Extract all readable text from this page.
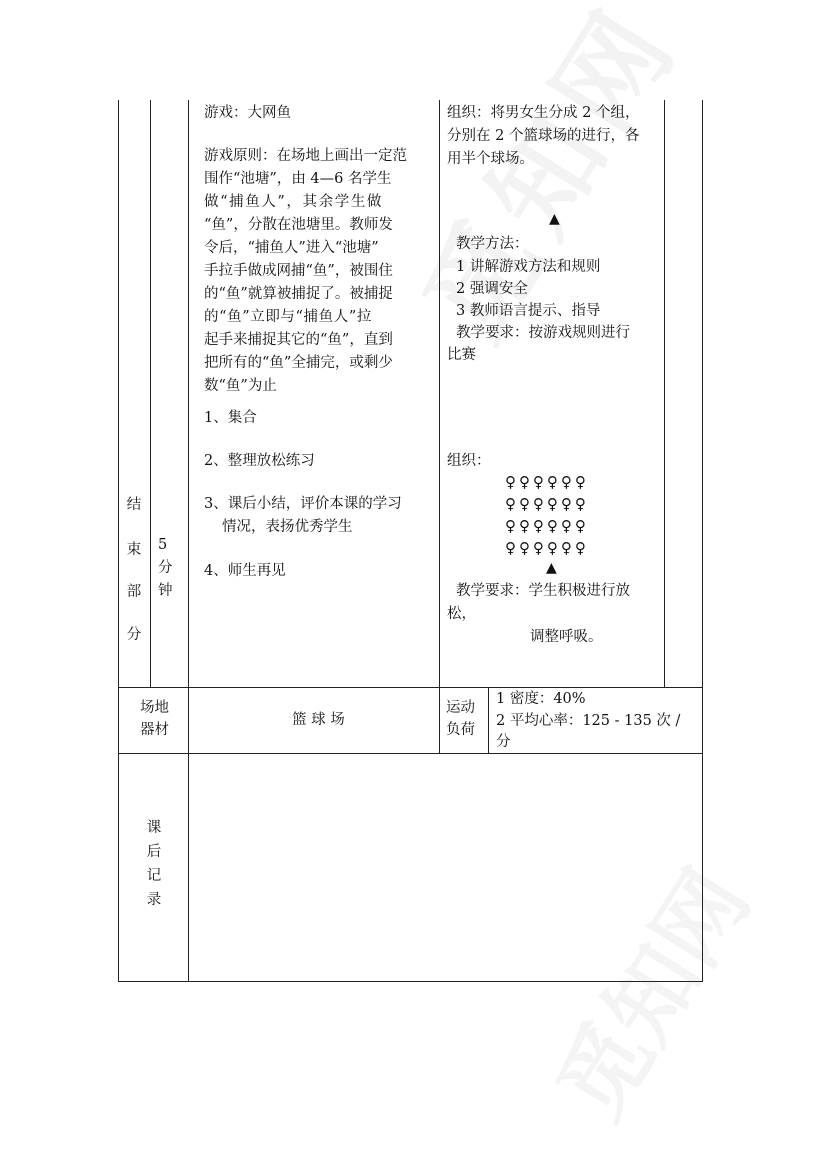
游戏：大网鱼
游戏原则：在场地上画出一定范
围作“池塘”，由 4—6 名学生
做“捕鱼人”，其余学生做
“鱼”，分散在池塘里。教师发
令后，“捕鱼人”进入“池塘”
手拉手做成网捕“鱼”，被围住
的“鱼”就算被捕捉了。被捕捉
的“鱼”立即与“捕鱼人”拉
起手来捕捉其它的“鱼”，直到
把所有的“鱼”全捕完，或剩少
数“鱼”为止
1、集合
2、整理放松练习
3、课后小结，评价本课的学习
情况，表扬优秀学生
4、师生再见
结
束
部
分
5
分
钟
组织：将男女生分成 2 个组，
分别在 2 个篮球场的进行，各
用半个球场。
▲
教学方法：
1 讲解游戏方法和规则
2 强调安全
3 教师语言提示、指导
教学要求：按游戏规则进行
比赛
组织：
♀♀♀♀♀♀
♀♀♀♀♀♀
♀♀♀♀♀♀
♀♀♀♀♀♀
▲
教学要求：学生积极进行放
松，
调整呼吸。
场地
器材
篮 球 场
运动
负荷
1 密度：40%
2 平均心率：125 - 135 次 /
分
课
后
记
录
